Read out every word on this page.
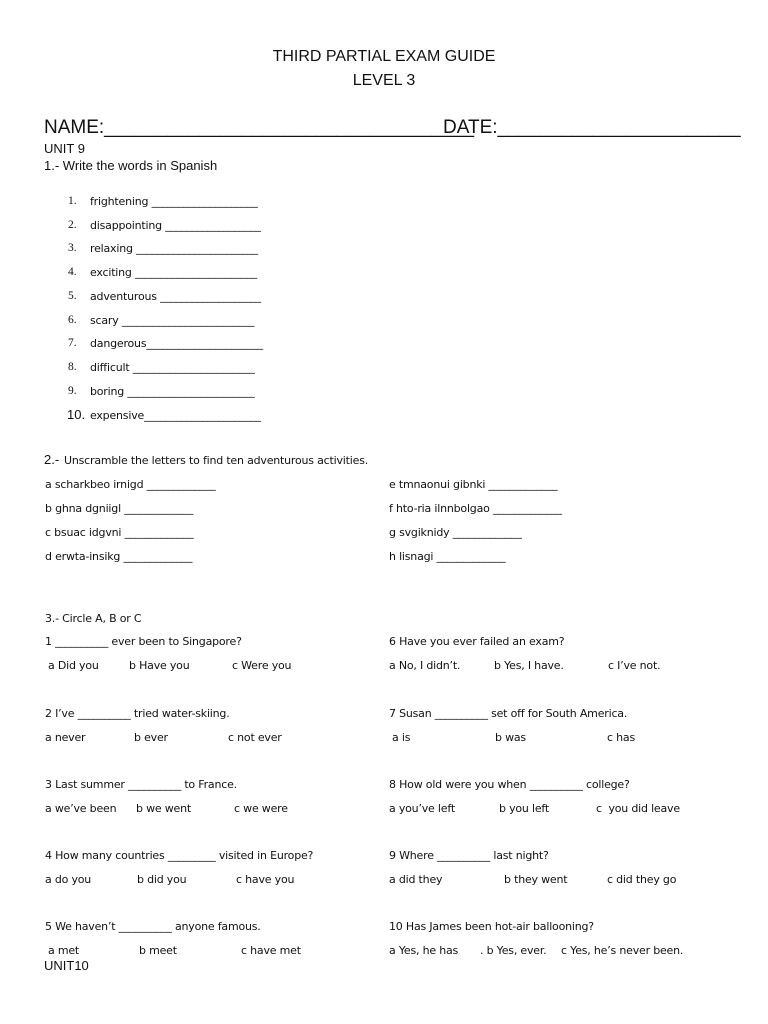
THIRD PARTIAL EXAM GUIDE
LEVEL 3
NAME:___________________________________
DATE:_______________________
UNIT 9
1.- Write the words in Spanish
1. frightening ____________________
2. disappointing __________________
3. relaxing _______________________
4. exciting _______________________
5. adventurous ___________________
6. scary _________________________
7. dangerous______________________
8. difficult _______________________
9. boring ________________________
10. expensive______________________
2.- Unscramble the letters to find ten adventurous activities.
a scharkbeo irnigd _____________
b ghna dgniigl _____________
c bsuac idgvni _____________
d erwta-insikg _____________
e tmnaonui gibnki _____________
f hto-ria ilnnbolgao _____________
g svgiknidy _____________
h lisnagi _____________
3.- Circle A, B or C
1 __________ ever been to Singapore?
a Did you	b Have you	c Were you
2 I’ve __________ tried water-skiing.
a never	b ever	c not ever
3 Last summer __________ to France.
a we’ve been b we went	c we were
4 How many countries _________ visited in Europe?
a do you	b did you	c have you
5 We haven’t __________ anyone famous.
a met	b meet	c have met
6 Have you ever failed an exam?
a No, I didn’t.	b Yes, I have.	c I’ve not.
7 Susan __________ set off for South America.
a is	b was	c has
8 How old were you when __________ college?
a you’ve left	b you left	c  you did leave
9 Where __________ last night?
a did they	b they went	c did they go
10 Has James been hot-air ballooning?
a Yes, he has . b Yes, ever. c Yes, he’s never been.
UNIT10
